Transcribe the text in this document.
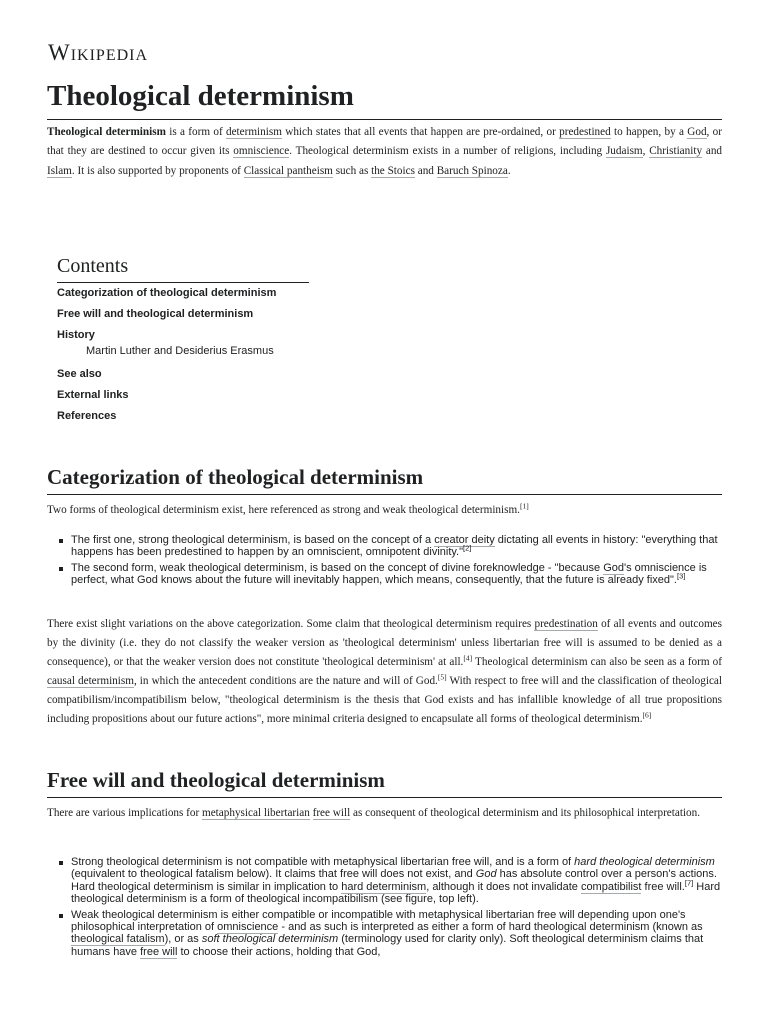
Wikipedia
Theological determinism

Theological determinism is a form of determinism which states that all events that happen are pre-ordained, or predestined to happen, by a God, or that they are destined to occur given its omniscience. Theological determinism exists in a number of religions, including Judaism, Christianity and Islam. It is also supported by proponents of Classical pantheism such as the Stoics and Baruch Spinoza.

Contents
Categorization of theological determinism
Free will and theological determinism
History
Martin Luther and Desiderius Erasmus
See also
External links
References
Categorization of theological determinism

Two forms of theological determinism exist, here referenced as strong and weak theological determinism.[1]

The first one, strong theological determinism, is based on the concept of a creator deity dictating all events in history: "everything that happens has been predestined to happen by an omniscient, omnipotent divinity."[2]
The second form, weak theological determinism, is based on the concept of divine foreknowledge - "because God's omniscience is perfect, what God knows about the future will inevitably happen, which means, consequently, that the future is already fixed".[3]

There exist slight variations on the above categorization. Some claim that theological determinism requires predestination of all events and outcomes by the divinity (i.e. they do not classify the weaker version as 'theological determinism' unless libertarian free will is assumed to be denied as a consequence), or that the weaker version does not constitute 'theological determinism' at all.[4] Theological determinism can also be seen as a form of causal determinism, in which the antecedent conditions are the nature and will of God.[5] With respect to free will and the classification of theological compatibilism/incompatibilism below, "theological determinism is the thesis that God exists and has infallible knowledge of all true propositions including propositions about our future actions", more minimal criteria designed to encapsulate all forms of theological determinism.[6]

Free will and theological determinism

There are various implications for metaphysical libertarian free will as consequent of theological determinism and its philosophical interpretation.

Strong theological determinism is not compatible with metaphysical libertarian free will, and is a form of hard theological determinism (equivalent to theological fatalism below). It claims that free will does not exist, and God has absolute control over a person's actions. Hard theological determinism is similar in implication to hard determinism, although it does not invalidate compatibilist free will.[7] Hard theological determinism is a form of theological incompatibilism (see figure, top left).
Weak theological determinism is either compatible or incompatible with metaphysical libertarian free will depending upon one's philosophical interpretation of omniscience - and as such is interpreted as either a form of hard theological determinism (known as theological fatalism), or as soft theological determinism (terminology used for clarity only). Soft theological determinism claims that humans have free will to choose their actions, holding that God,
